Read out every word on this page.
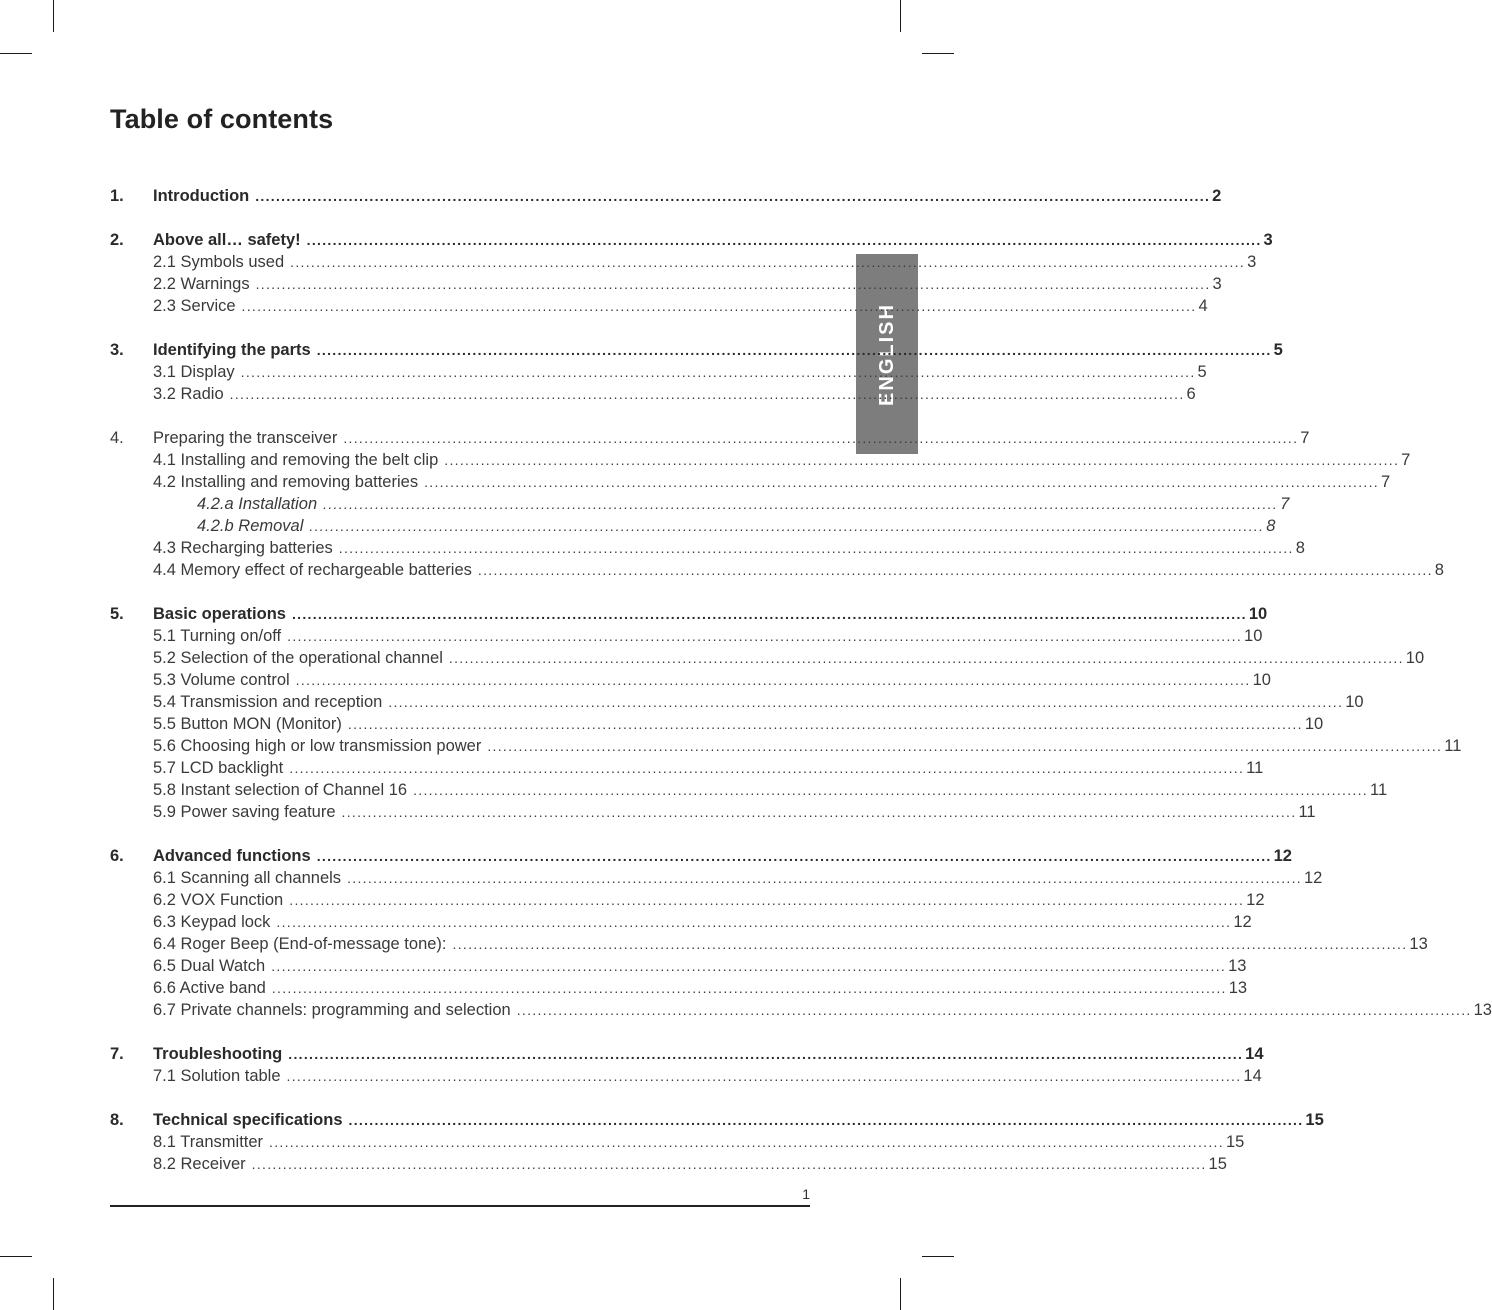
Table of contents
ENGLISH
1.	Introduction ........................................................................................................................................................................................ 2
2.	Above all… safety! ........................................................................................................................................................................................ 3
2.1 Symbols used ........................................................................................................................................................................................ 3
2.2 Warnings ........................................................................................................................................................................................ 3
2.3 Service ........................................................................................................................................................................................ 4
3.	Identifying the parts ........................................................................................................................................................................................ 5
3.1 Display ........................................................................................................................................................................................ 5
3.2 Radio ........................................................................................................................................................................................ 6
4.	Preparing the transceiver ........................................................................................................................................................................................ 7
4.1 Installing and removing the belt clip ........................................................................................................................................................................................ 7
4.2 Installing and removing batteries ........................................................................................................................................................................................ 7
4.2.a Installation ........................................................................................................................................................................................ 7
4.2.b Removal ........................................................................................................................................................................................ 8
4.3 Recharging batteries ........................................................................................................................................................................................ 8
4.4 Memory effect of rechargeable batteries ........................................................................................................................................................................................ 8
5.	Basic operations ........................................................................................................................................................................................ 10
5.1 Turning on/off ........................................................................................................................................................................................ 10
5.2 Selection of the operational channel ........................................................................................................................................................................................ 10
5.3 Volume control ........................................................................................................................................................................................ 10
5.4 Transmission and reception ........................................................................................................................................................................................ 10
5.5 Button MON (Monitor) ........................................................................................................................................................................................ 10
5.6 Choosing high or low transmission power ........................................................................................................................................................................................ 11
5.7 LCD backlight ........................................................................................................................................................................................ 11
5.8 Instant selection of Channel 16 ........................................................................................................................................................................................ 11
5.9 Power saving feature ........................................................................................................................................................................................ 11
6.	Advanced functions ........................................................................................................................................................................................ 12
6.1 Scanning all channels ........................................................................................................................................................................................ 12
6.2 VOX Function ........................................................................................................................................................................................ 12
6.3 Keypad lock ........................................................................................................................................................................................ 12
6.4 Roger Beep (End-of-message tone): ........................................................................................................................................................................................ 13
6.5 Dual Watch ........................................................................................................................................................................................ 13
6.6 Active band ........................................................................................................................................................................................ 13
6.7 Private channels: programming and selection ........................................................................................................................................................................................ 13
7.	Troubleshooting ........................................................................................................................................................................................ 14
7.1 Solution table ........................................................................................................................................................................................ 14
8.	Technical specifications ........................................................................................................................................................................................ 15
8.1 Transmitter ........................................................................................................................................................................................ 15
8.2 Receiver ........................................................................................................................................................................................ 15
1
